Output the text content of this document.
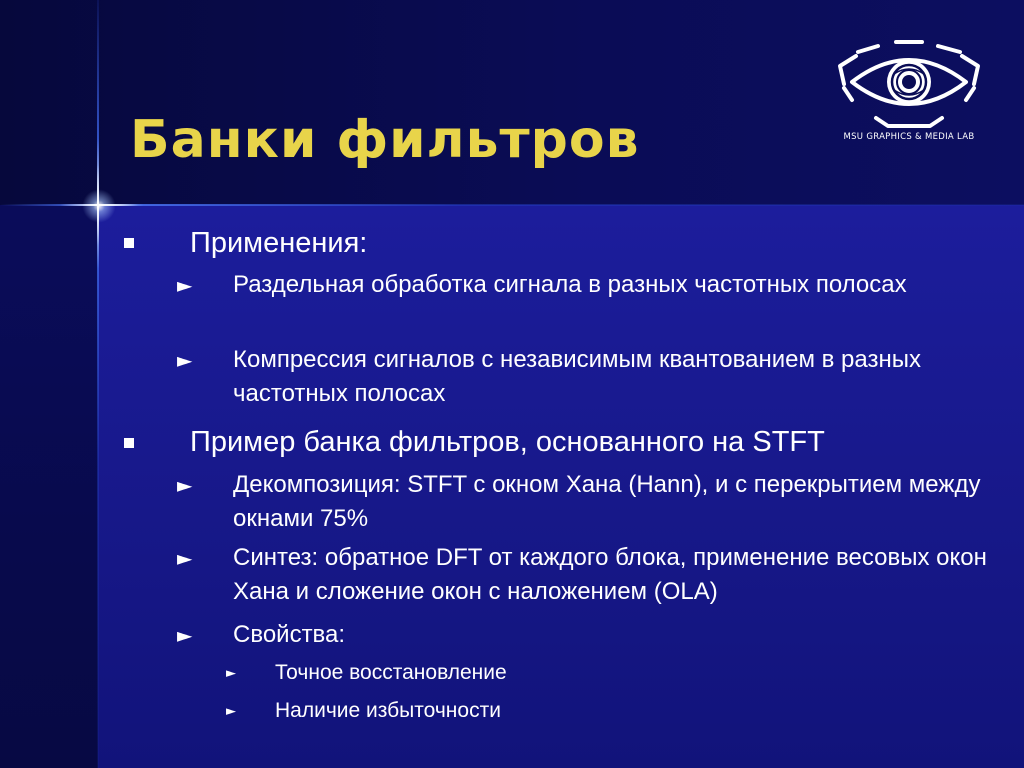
Банки фильтров	MSU GRAPHICS & MEDIA LAB
Применения:
► Раздельная обработка сигнала в разных частотных полосах
► Компрессия сигналов с независимым квантованием в разных частотных полосах
Пример банка фильтров, основанного на STFT
► Декомпозиция: STFT с окном Хана (Hann), и с перекрытием между окнами 75%
► Синтез: обратное DFT от каждого блока, применение весовых окон Хана и сложение окон с наложением (OLA)
► Свойства:
► Точное восстановление
► Наличие избыточности
